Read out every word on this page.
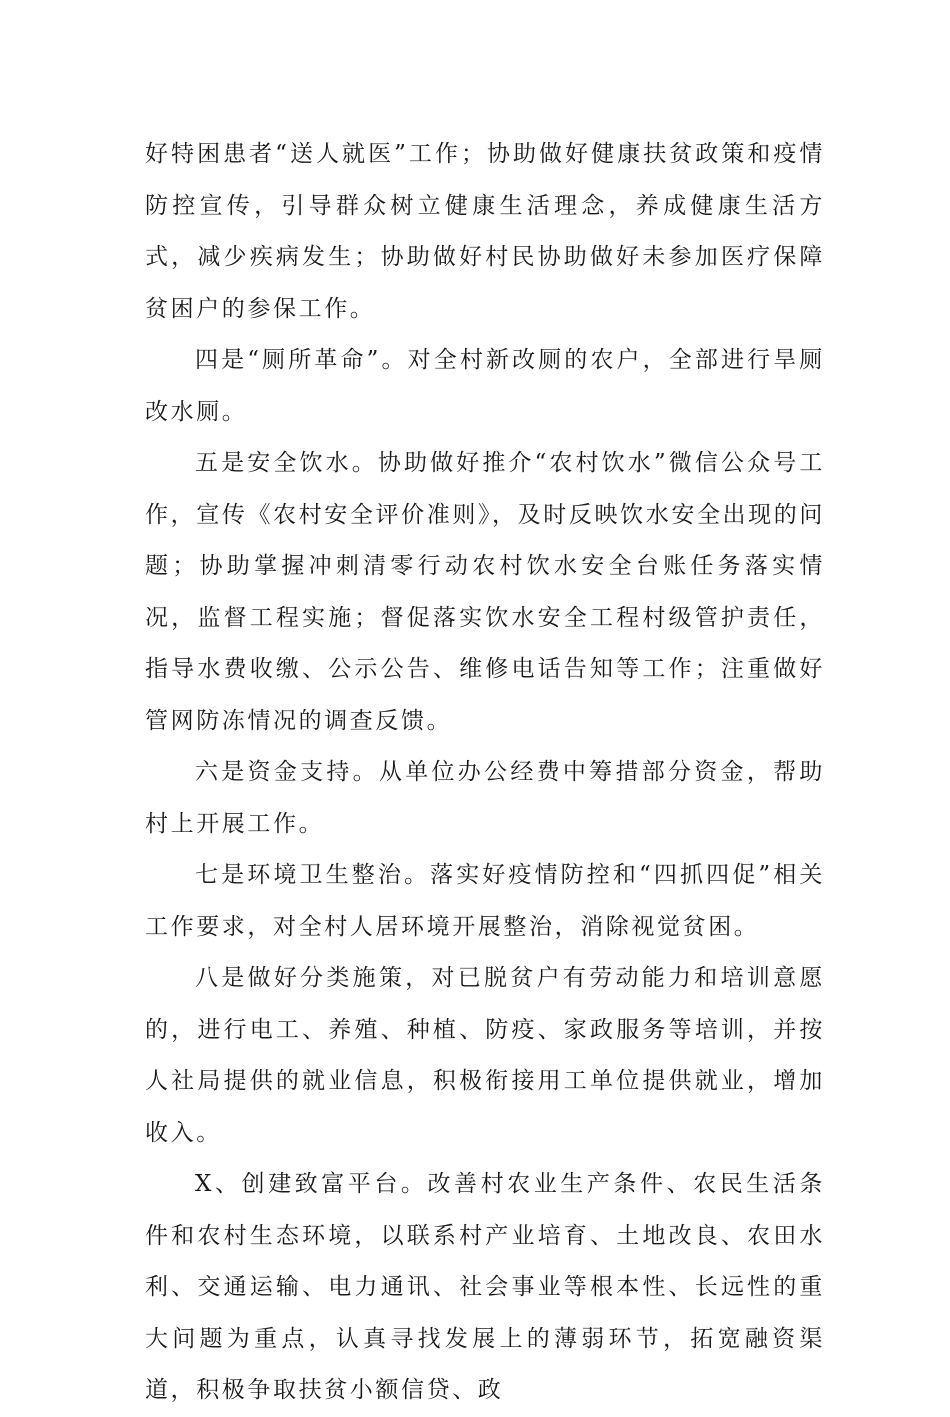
好特困患者“送人就医”工作；协助做好健康扶贫政策和疫情防控宣传，引导群众树立健康生活理念，养成健康生活方式，减少疾病发生；协助做好村民协助做好未参加医疗保障贫困户的参保工作。

四是“厕所革命”。对全村新改厕的农户，全部进行旱厕改水厕。

五是安全饮水。协助做好推介“农村饮水”微信公众号工作，宣传《农村安全评价准则》，及时反映饮水安全出现的问题；协助掌握冲刺清零行动农村饮水安全台账任务落实情况，监督工程实施；督促落实饮水安全工程村级管护责任，指导水费收缴、公示公告、维修电话告知等工作；注重做好管网防冻情况的调查反馈。

六是资金支持。从单位办公经费中筹措部分资金，帮助村上开展工作。

七是环境卫生整治。落实好疫情防控和“四抓四促”相关工作要求，对全村人居环境开展整治，消除视觉贫困。

八是做好分类施策，对已脱贫户有劳动能力和培训意愿的，进行电工、养殖、种植、防疫、家政服务等培训，并按人社局提供的就业信息，积极衔接用工单位提供就业，增加收入。

X、创建致富平台。改善村农业生产条件、农民生活条件和农村生态环境，以联系村产业培育、土地改良、农田水利、交通运输、电力通讯、社会事业等根本性、长远性的重大问题为重点，认真寻找发展上的薄弱环节，拓宽融资渠道，积极争取扶贫小额信贷、政
